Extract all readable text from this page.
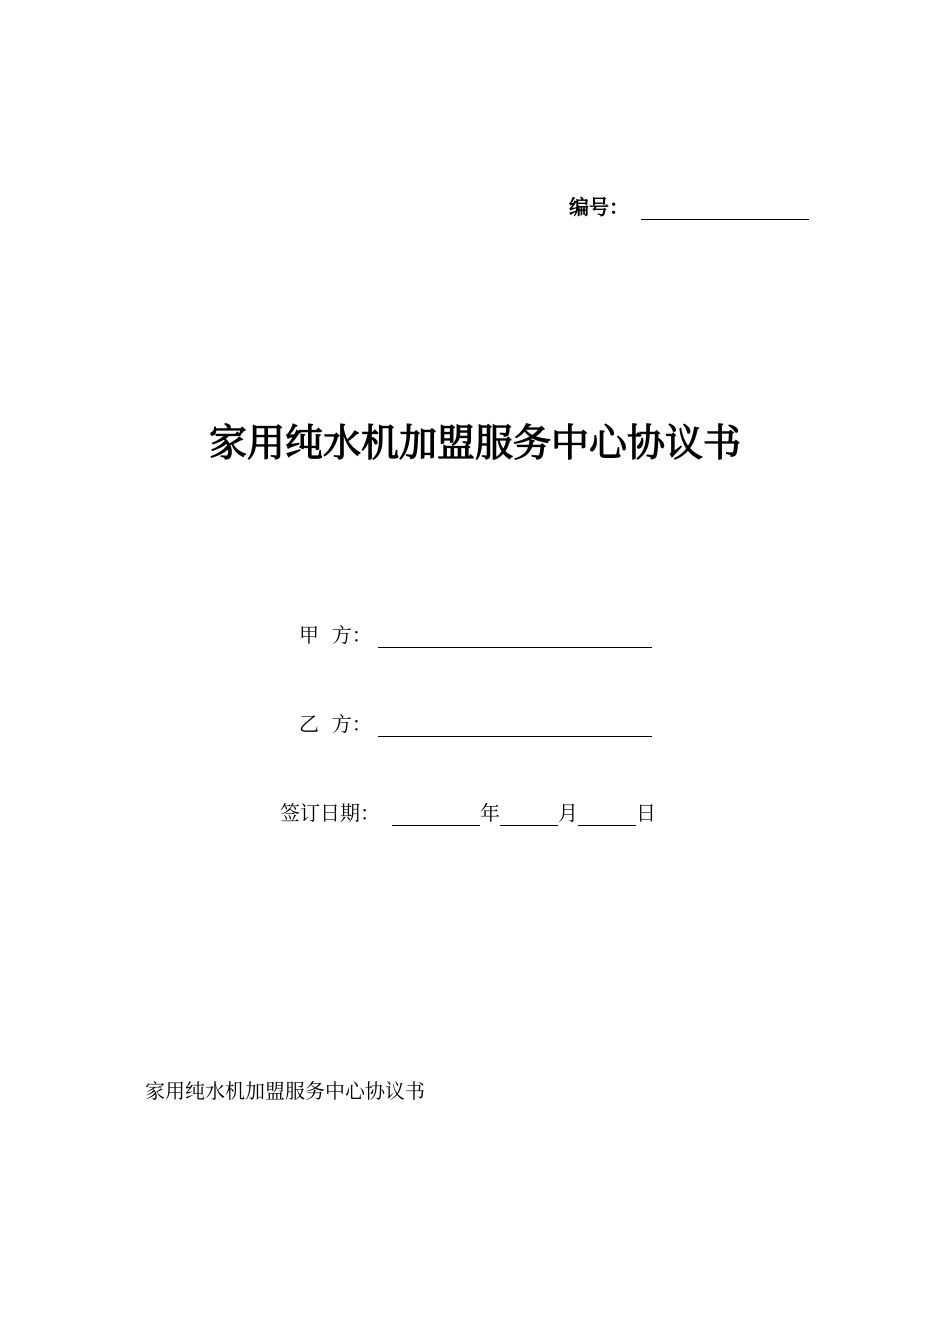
编号：
家用纯水机加盟服务中心协议书
甲  方：
乙  方：
签订日期：	年	月	日
家用纯水机加盟服务中心协议书
